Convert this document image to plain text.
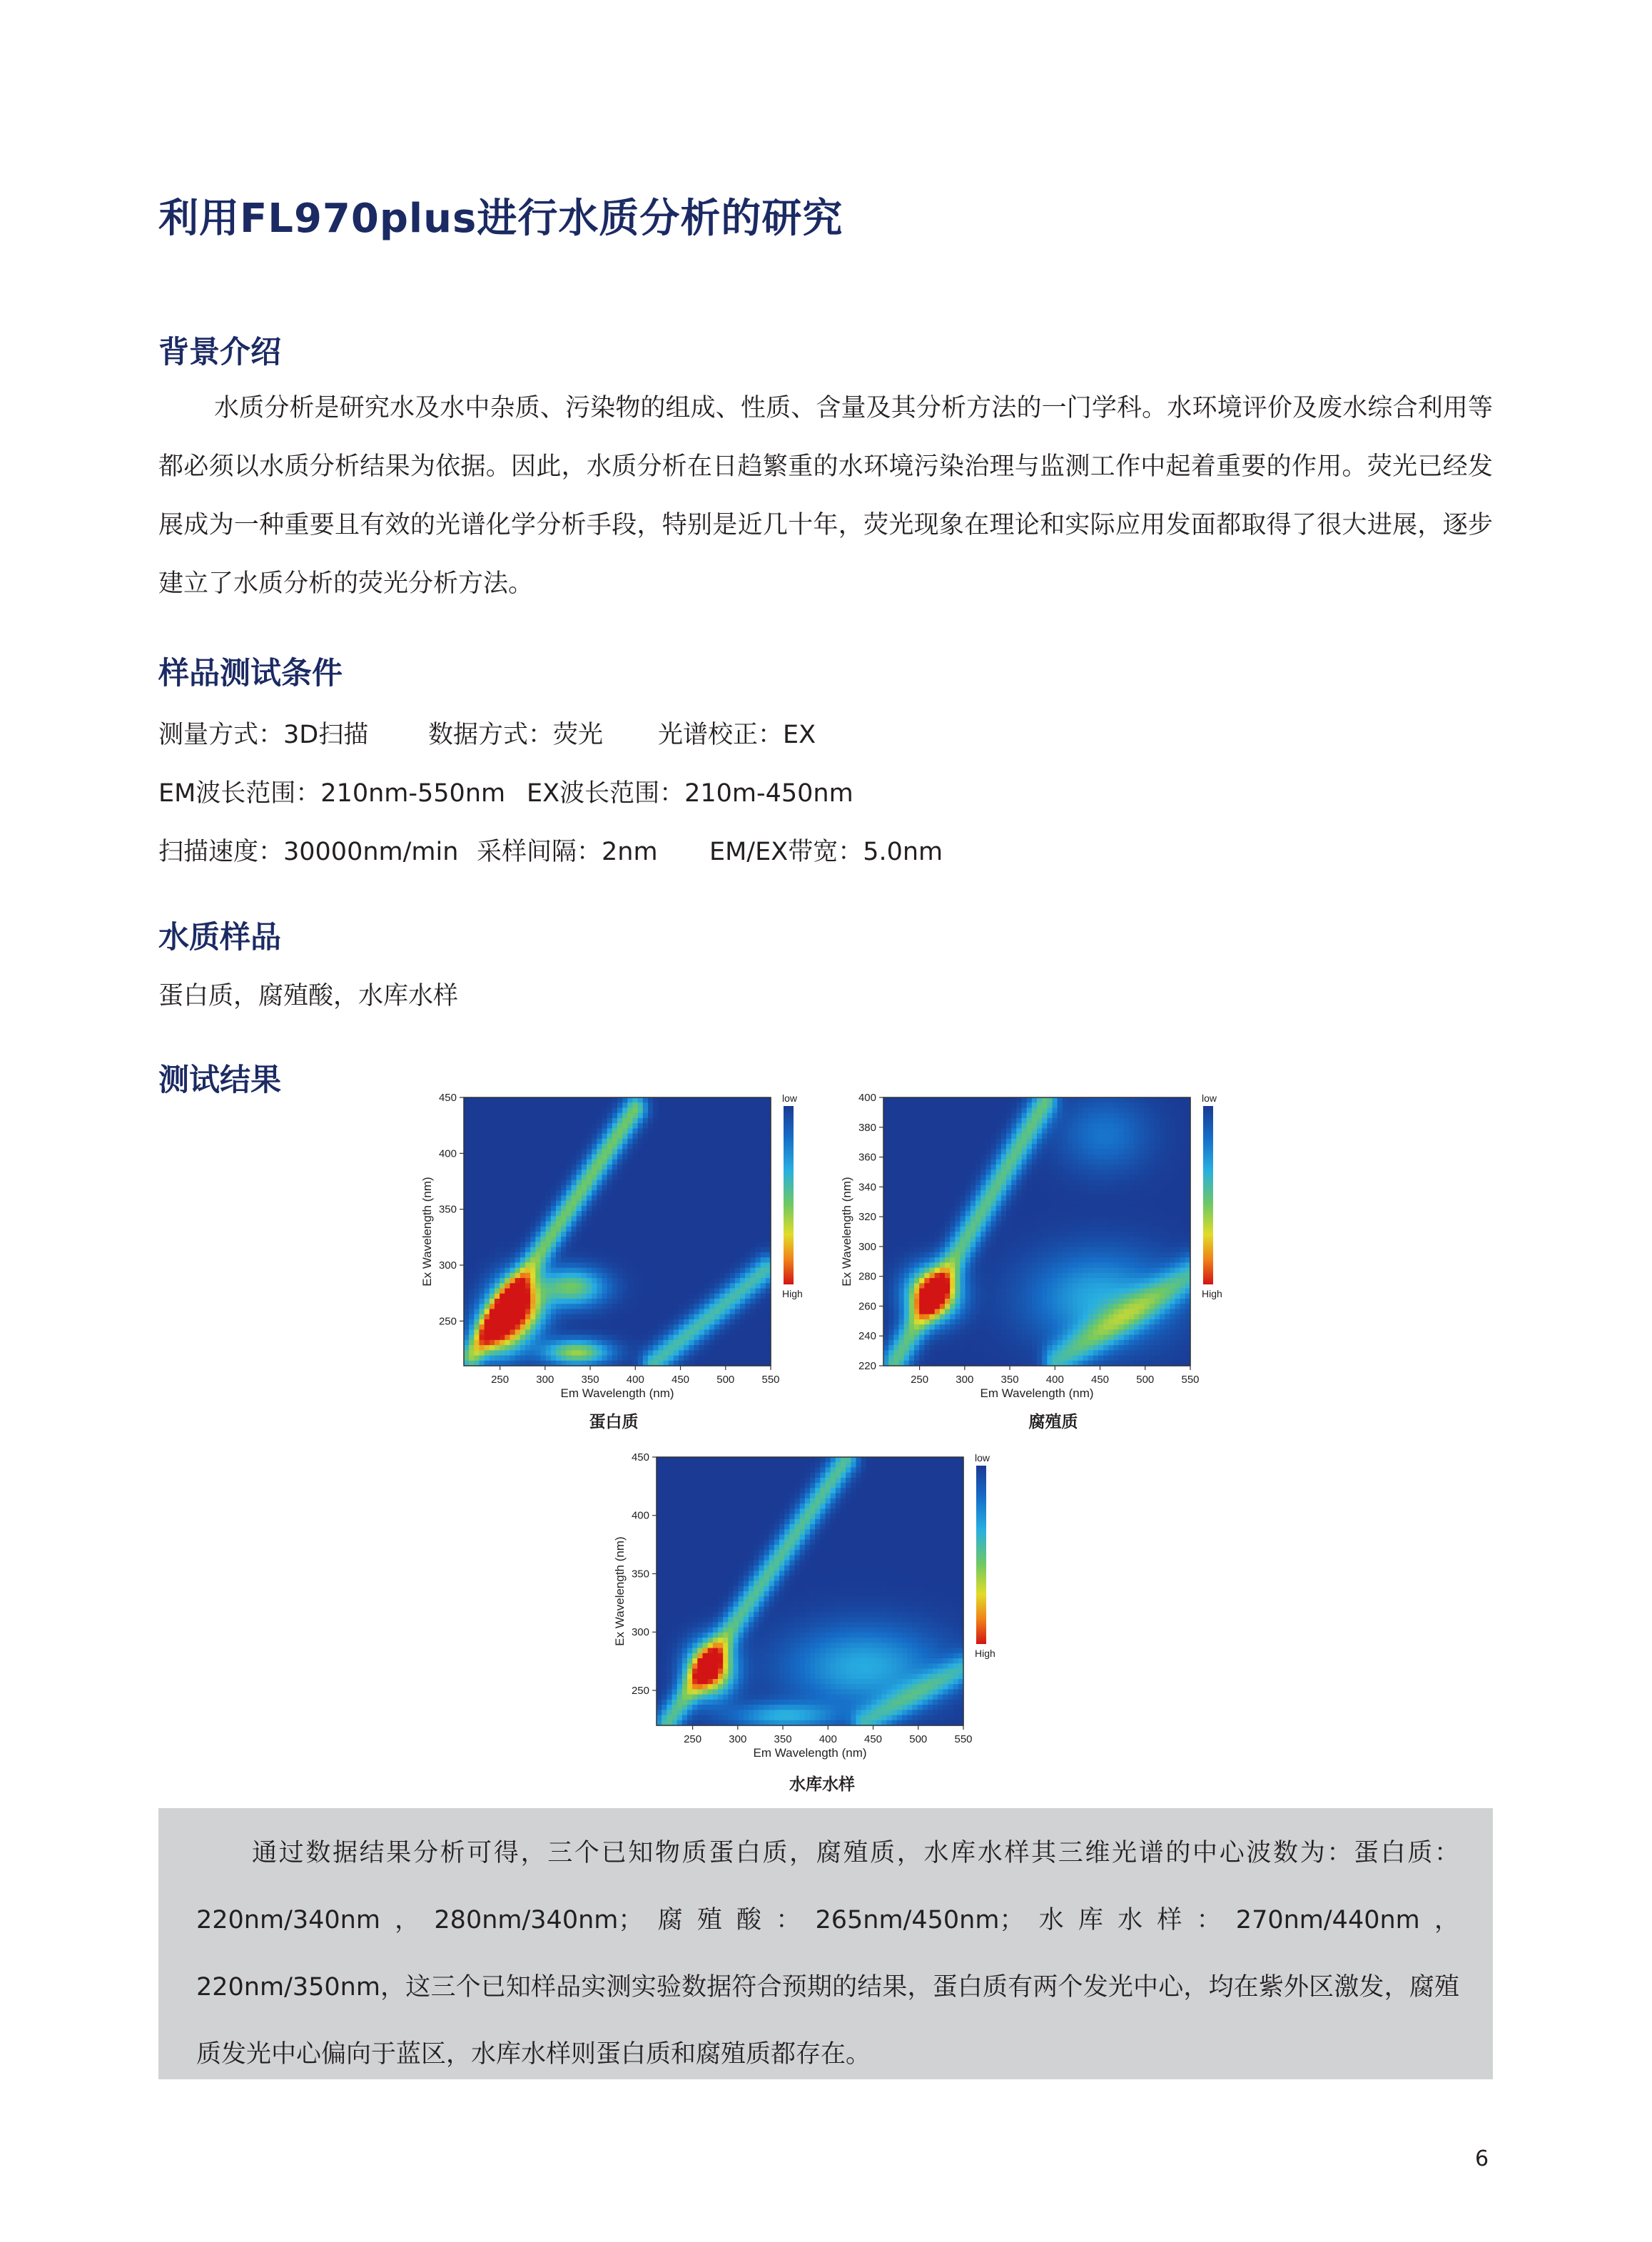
利用FL970plus进行水质分析的研究
背景介绍

水质分析是研究水及水中杂质、污染物的组成、性质、含量及其分析方法的一门学科。水环境评价及废水综合利用等都必须以水质分析结果为依据。因此，水质分析在日趋繁重的水环境污染治理与监测工作中起着重要的作用。荧光已经发展成为一种重要且有效的光谱化学分析手段，特别是近几十年，荧光现象在理论和实际应用发面都取得了很大进展，逐步建立了水质分析的荧光分析方法。

样品测试条件
测量方式：3D扫描 数据方式：荧光 光谱校正：EX
EM波长范围：210nm-550nm EX波长范围：210m-450nm
扫描速度：30000nm/min 采样间隔：2nm EM/EX带宽：5.0nm
水质样品
蛋白质，腐殖酸，水库水样
测试结果
250	300	350	400	450	500	550
250
300
350
400
450
Em Wavelength (nm)
Ex Wavelength (nm)
low
High
蛋白质
250	300	350	400	450	500	550
220
240
260
280
300
320
340
360
380
400
Em Wavelength (nm)
Ex Wavelength (nm)
low
High
腐殖质
250	300	350	400	450	500	550
250
300
350
400
450
Em Wavelength (nm)
Ex Wavelength (nm)
low
High
水库水样

通过数据结果分析可得，三个已知物质蛋白质，腐殖质，水库水样其三维光谱的中心波数为：蛋白质：220nm/340nm，280nm/340nm；腐殖酸：265nm/450nm；水库水样：270nm/440nm，220nm/350nm，这三个已知样品实测实验数据符合预期的结果，蛋白质有两个发光中心，均在紫外区激发，腐殖质发光中心偏向于蓝区，水库水样则蛋白质和腐殖质都存在。

6
